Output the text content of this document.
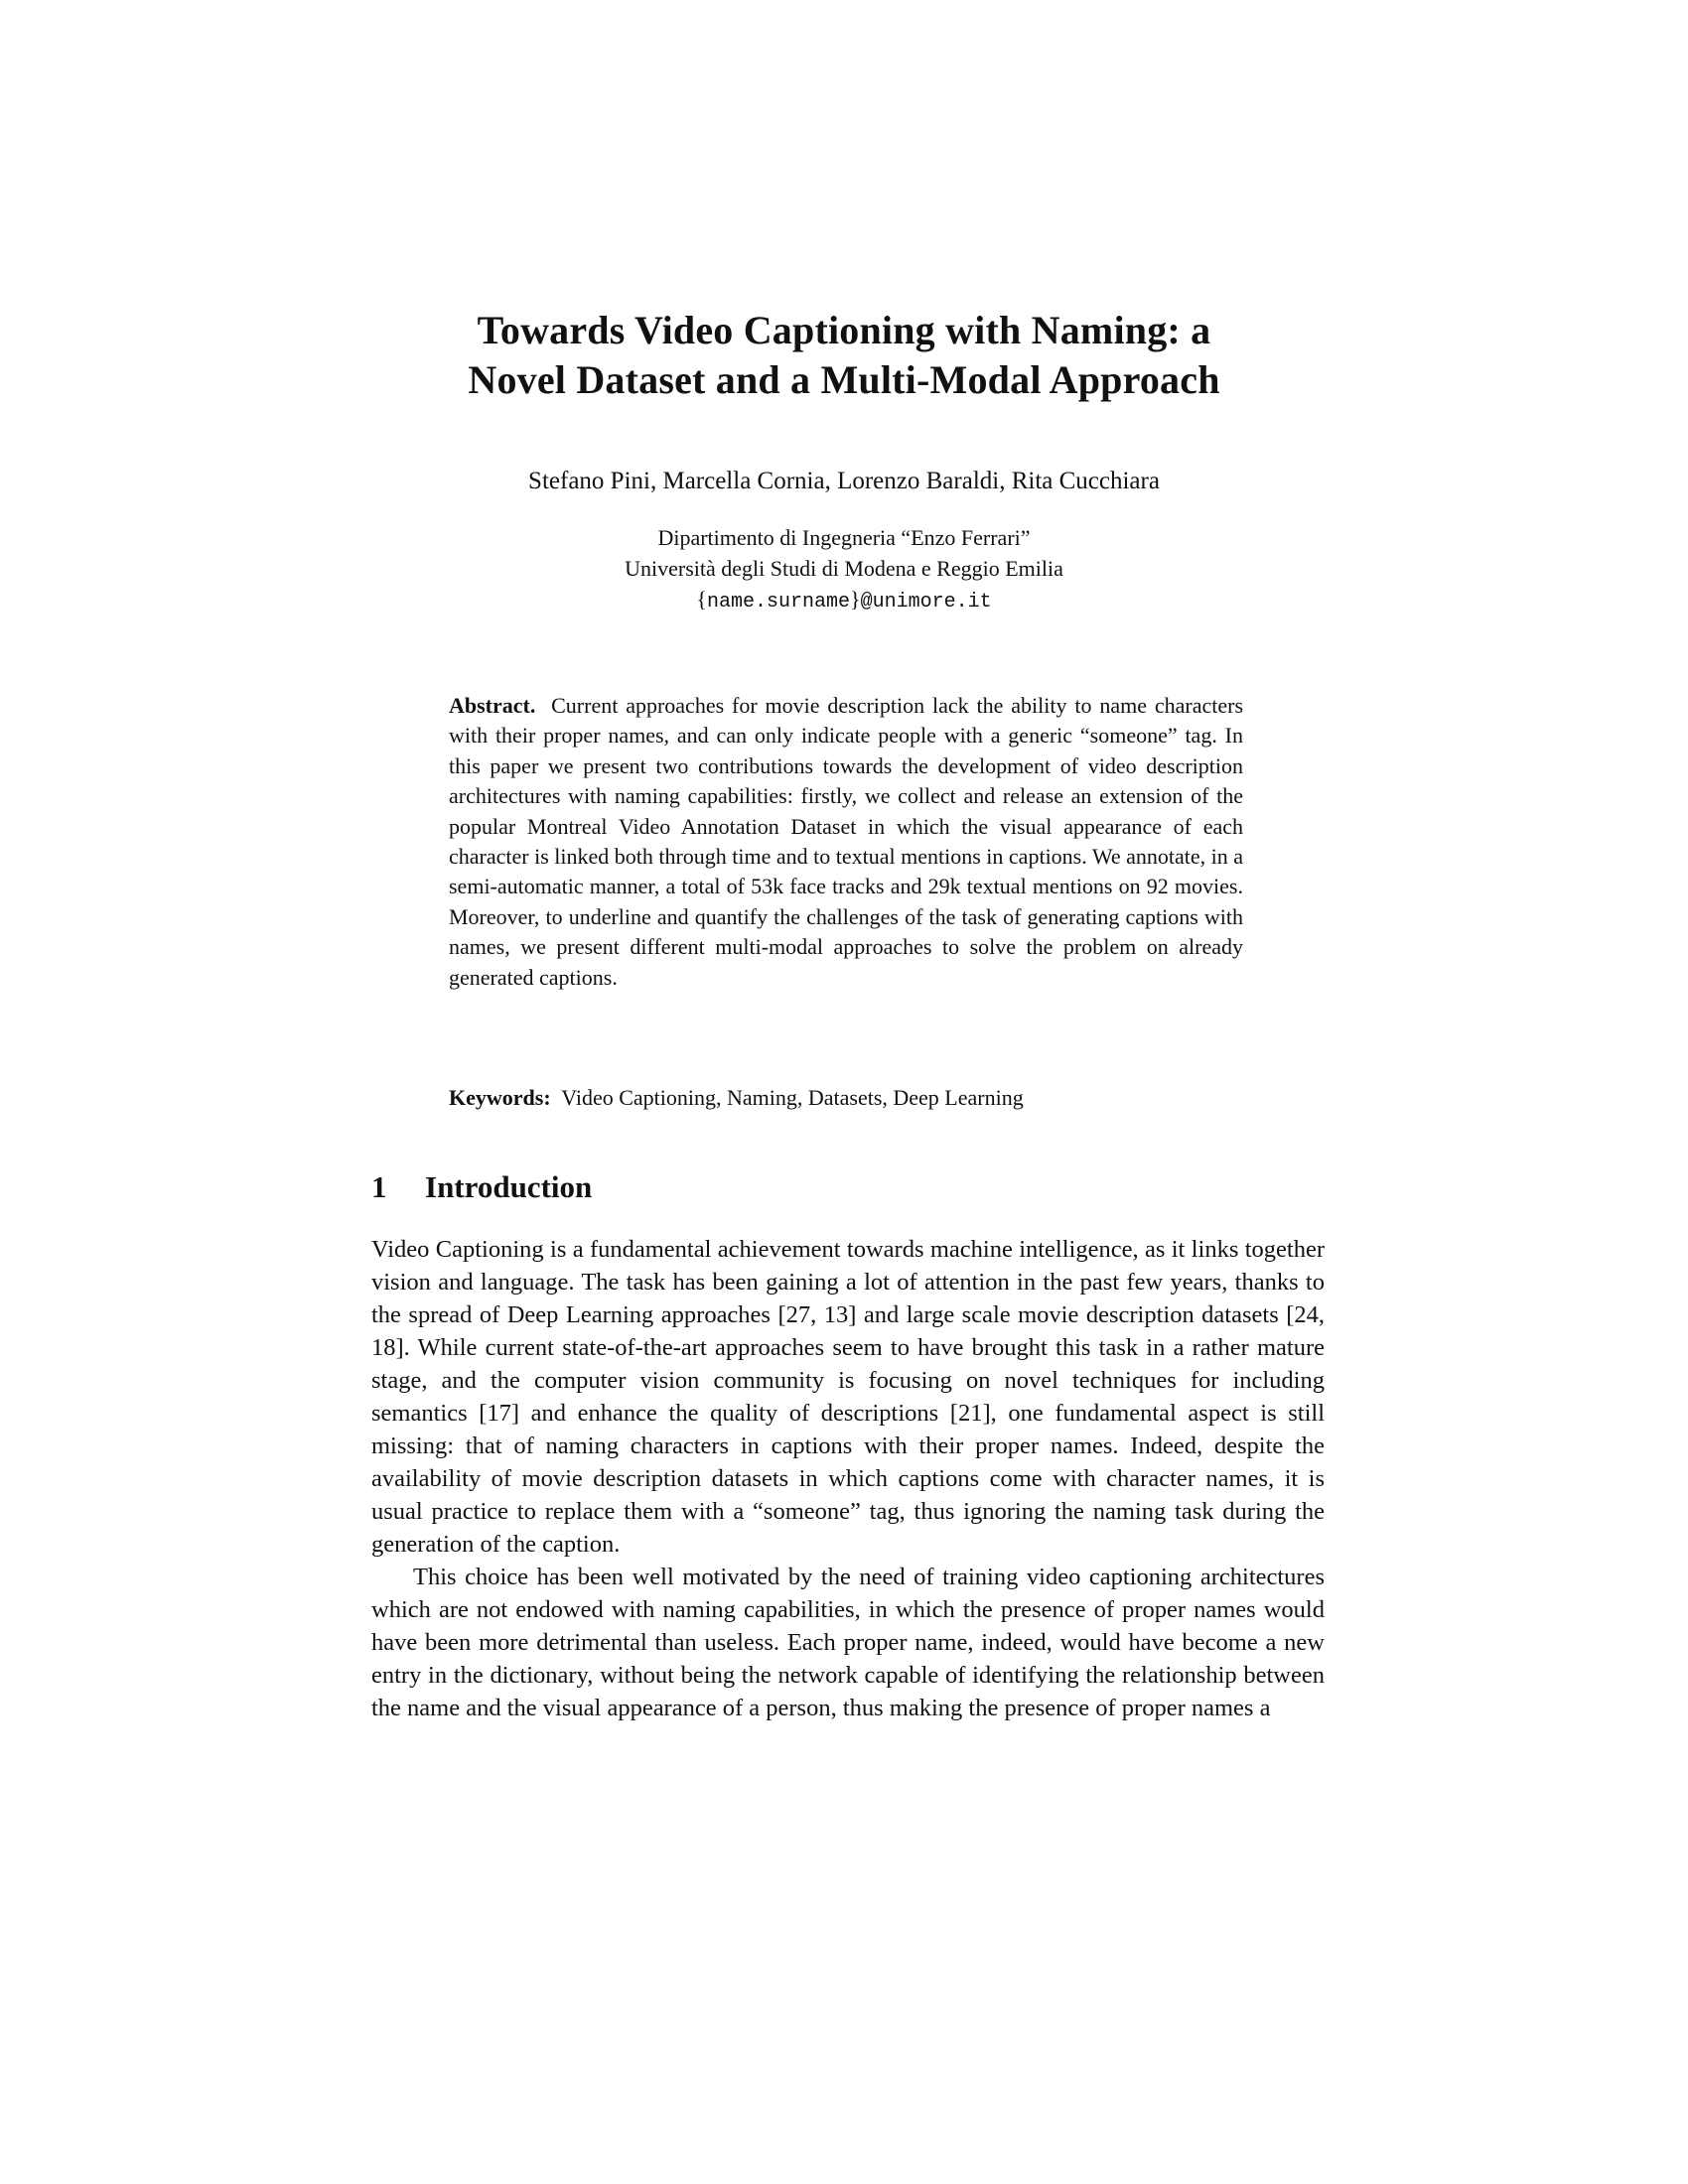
Towards Video Captioning with Naming: a
Novel Dataset and a Multi-Modal Approach
Stefano Pini, Marcella Cornia, Lorenzo Baraldi, Rita Cucchiara
Dipartimento di Ingegneria “Enzo Ferrari”
Università degli Studi di Modena e Reggio Emilia
{name.surname}@unimore.it

Abstract. Current approaches for movie description lack the ability to name characters with their proper names, and can only indicate people with a generic “someone” tag. In this paper we present two contributions towards the development of video description architectures with naming capabilities: firstly, we collect and release an extension of the popular Montreal Video Annotation Dataset in which the visual appearance of each character is linked both through time and to textual mentions in captions. We annotate, in a semi-automatic manner, a total of 53k face tracks and 29k textual mentions on 92 movies. Moreover, to underline and quantify the challenges of the task of generating captions with names, we present different multi-modal approaches to solve the problem on already generated captions.

Keywords: Video Captioning, Naming, Datasets, Deep Learning

1 Introduction

Video Captioning is a fundamental achievement towards machine intelligence, as it links together vision and language. The task has been gaining a lot of attention in the past few years, thanks to the spread of Deep Learning approaches [27, 13] and large scale movie description datasets [24, 18]. While current state-of-the-art approaches seem to have brought this task in a rather mature stage, and the computer vision community is focusing on novel techniques for including semantics [17] and enhance the quality of descriptions [21], one fundamental aspect is still missing: that of naming characters in captions with their proper names. Indeed, despite the availability of movie description datasets in which captions come with character names, it is usual practice to replace them with a “someone” tag, thus ignoring the naming task during the generation of the caption.

This choice has been well motivated by the need of training video captioning architectures which are not endowed with naming capabilities, in which the presence of proper names would have been more detrimental than useless. Each proper name, indeed, would have become a new entry in the dictionary, without being the network capable of identifying the relationship between the name and the visual appearance of a person, thus making the presence of proper names a
